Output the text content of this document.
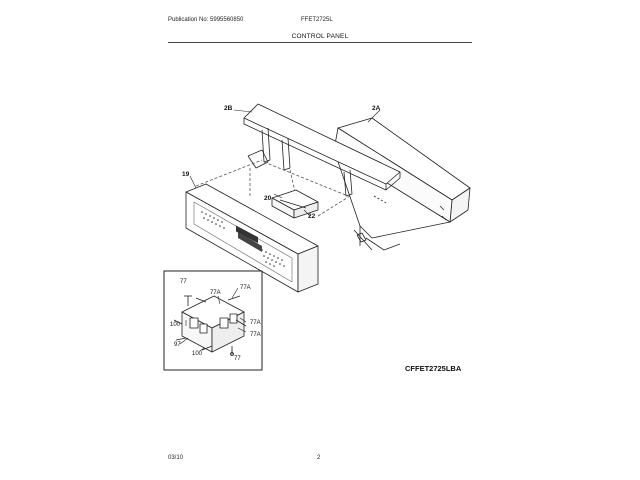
Publication No: 5995560850	FFET2725L
CONTROL PANEL
2B	2A
19
20
22
77
77A
77A
77A
77A
100
97
100
77
CFFET2725LBA
03/10	2
